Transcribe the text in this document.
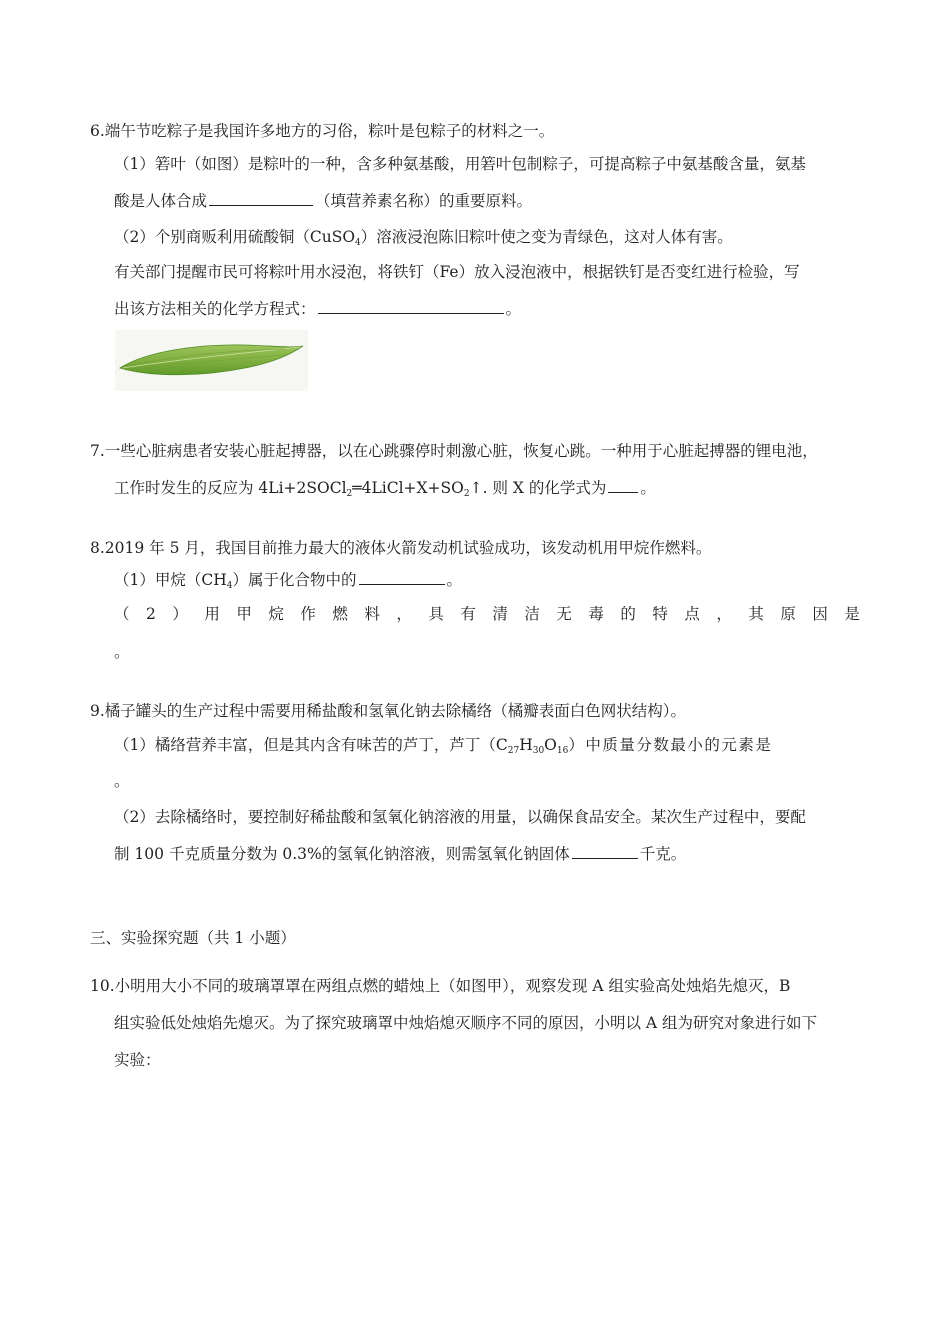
6.端午节吃粽子是我国许多地方的习俗，粽叶是包粽子的材料之一。
（1）箬叶（如图）是粽叶的一种，含多种氨基酸，用箬叶包制粽子，可提高粽子中氨基酸含量，氨基
酸是人体合成	（填营养素名称）的重要原料。
（2）个别商贩利用硫酸铜（CuSO$_4$）溶液浸泡陈旧粽叶使之变为青绿色，这对人体有害。
有关部门提醒市民可将粽叶用水浸泡，将铁钉（Fe）放入浸泡液中，根据铁钉是否变红进行检验，写
出该方法相关的化学方程式：	。
7.一些心脏病患者安装心脏起搏器，以在心跳骤停时刺激心脏，恢复心跳。一种用于心脏起搏器的锂电池，
工作时发生的反应为 $4Li+2SOCl_2═4LiCl+X+SO_2↑$. 则 X 的化学式为 。
8.2019 年 5 月，我国目前推力最大的液体火箭发动机试验成功，该发动机用甲烷作燃料。
（1）甲烷$(CH_4)$属于化合物中的	。
（ 2 ） 用 甲 烷 作 燃 料 ， 具 有 清 洁 无 毒 的 特 点 ， 其 原 因 是
。
9.橘子罐头的生产过程中需要用稀盐酸和氢氧化钠去除橘络（橘瓣表面白色网状结构）。
（1）橘络营养丰富，但是其内含有味苦的芦丁，芦丁$(C_{27}H_{30}O_{16})$中质量分数最小的元素是
。
（2）去除橘络时，要控制好稀盐酸和氢氧化钠溶液的用量，以确保食品安全。某次生产过程中，要配
制 100 千克质量分数为 0.3%的氢氧化钠溶液，则需氢氧化钠固体	千克。
三、实验探究题（共 1 小题）
10.小明用大小不同的玻璃罩罩在两组点燃的蜡烛上（如图甲），观察发现 A 组实验高处烛焰先熄灭，B
组实验低处烛焰先熄灭。为了探究玻璃罩中烛焰熄灭顺序不同的原因，小明以 A 组为研究对象进行如下
实验：
